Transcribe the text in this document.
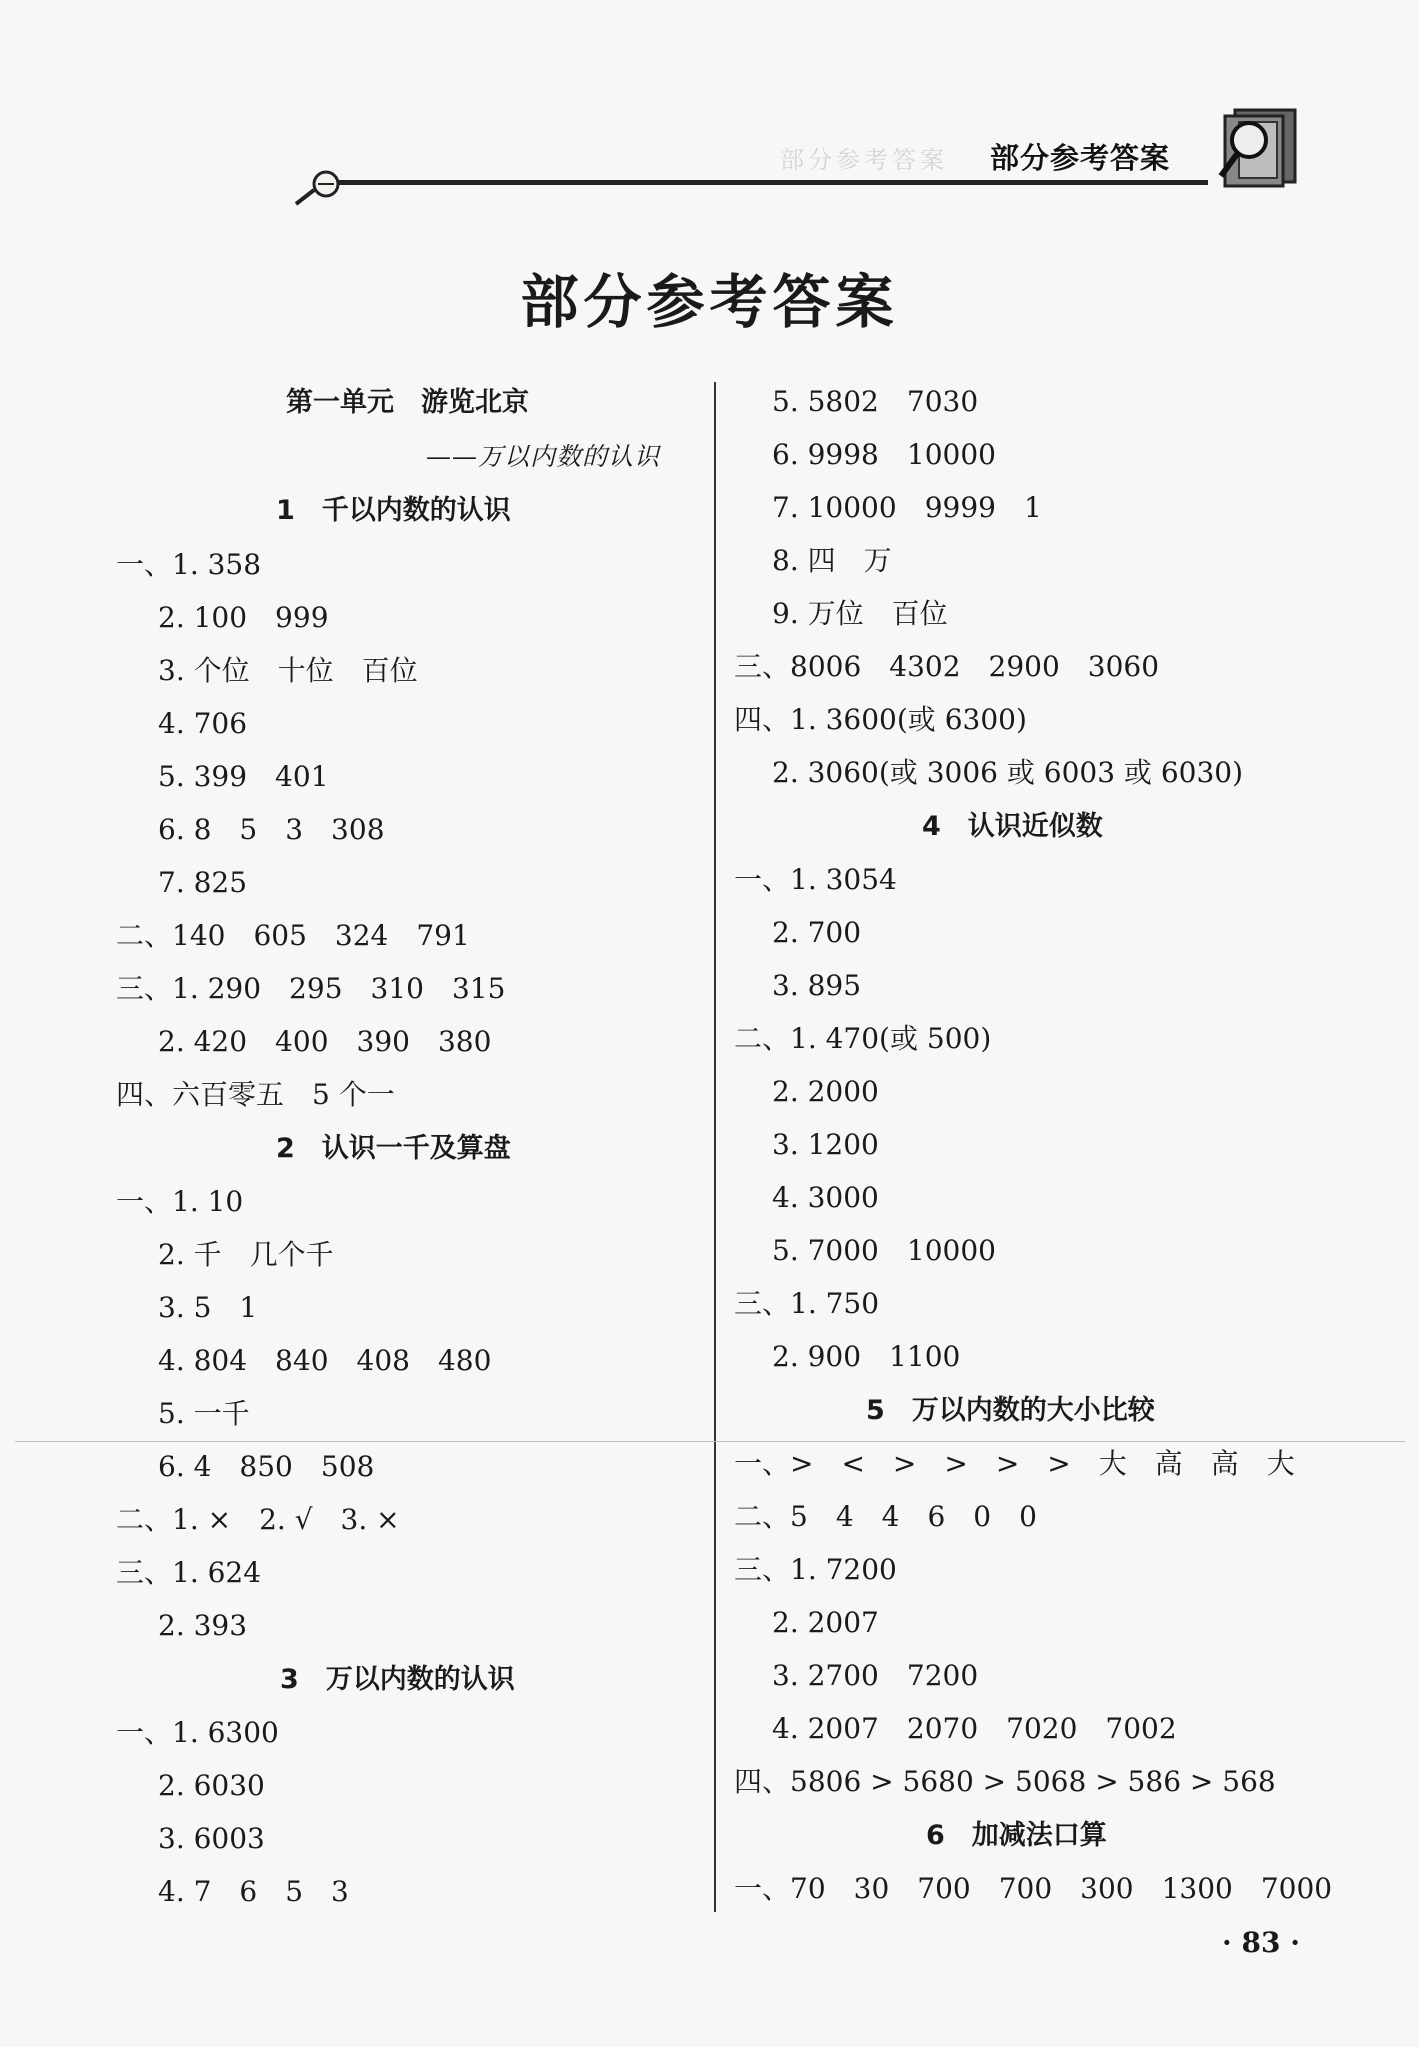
部分参考答案 部分参考答案
部分参考答案
第一单元　游览北京
——万以内数的认识
1　千以内数的认识
一、1. 358
2. 100　999
3. 个位　十位　百位
4. 706
5. 399　401
6. 8　5　3　308
7. 825
二、140　605　324　791
三、1. 290　295　310　315
2. 420　400　390　380
四、六百零五　5 个一
2　认识一千及算盘
一、1. 10
2. 千　几个千
3. 5　1
4. 804　840　408　480
5. 一千
6. 4　850　508
二、1. ×　2. √　3. ×
三、1. 624
2. 393
3　万以内数的认识
一、1. 6300
2. 6030
3. 6003
4. 7　6　5　3
5. 5802　7030
6. 9998　10000
7. 10000　9999　1
8. 四　万
9. 万位　百位
三、8006　4302　2900　3060
四、1. 3600(或 6300)
2. 3060(或 3006 或 6003 或 6030)
4　认识近似数
一、1. 3054
2. 700
3. 895
二、1. 470(或 500)
2. 2000
3. 1200
4. 3000
5. 7000　10000
三、1. 750
2. 900　1100
5　万以内数的大小比较
一、>　<　>　>　>　>　大　高　高　大
二、5　4　4　6　0　0
三、1. 7200
2. 2007
3. 2700　7200
4. 2007　2070　7020　7002
四、5806 > 5680 > 5068 > 586 > 568
6　加减法口算
一、70　30　700　700　300　1300　7000
· 83 ·
